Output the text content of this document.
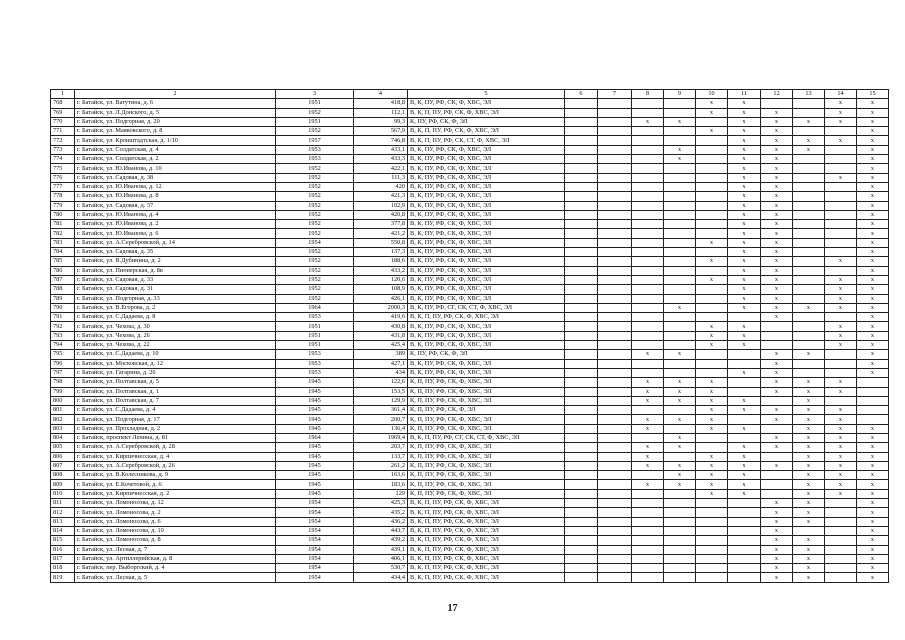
1	2	3	4	5	6	7	8	9	10	11	12	13	14	15
768	г. Батайск, ул. Ватутина, д. 6	1951	418,8	В, К, ПУ, РФ, СК, Ф, ХВС, ЭЛ					х	х			х	х
769	г. Батайск, ул. Л.Донского, д. 5	1952	112,1	В, К, П, ПУ, РФ, СК, Ф, ХВС, ЭЛ					х	х	х		х	х
770	г. Батайск, ул. Подгорная, д. 20	1951	99,3	К, ПУ, РФ, СК, Ф, ЭЛ			х	х		х	х	х	х	х
771	г. Батайск, ул. Маяковского, д. 8	1952	567,9	В, К, П, ПУ, РФ, СК, Ф, ХВС, ЭЛ					х	х	х			х
772	г. Батайск, ул. Кронштадтская, д. 1/10	1957	746,8	В, К, П, ПУ, РФ, СК, СТ, Ф, ХВС, ЭЛ						х	х	х	х	х
773	г. Батайск, ул. Солдатская, д. 4	1953	433,1	В, К, ПУ, РФ, СК, Ф, ХВС, ЭЛ				х		х	х	х		х
774	г. Батайск, ул. Солдатская, д. 2	1953	433,3	В, К, ПУ, РФ, СК, Ф, ХВС, ЭЛ				х		х	х			х
775	г. Батайск, ул. Ю.Иванова, д. 10	1952	422,1	В, К, ПУ, РФ, СК, Ф, ХВС, ЭЛ						х	х			х
776	г. Батайск, ул. Садовая, д. 38	1952	111,3	В, К, ПУ, РФ, СК, Ф, ХВС, ЭЛ						х	х		х	х
777	г. Батайск, ул. Ю.Иванова, д. 12	1952	420	В, К, ПУ, РФ, СК, Ф, ХВС, ЭЛ						х	х			х
778	г. Батайск, ул. Ю.Иванова, д. 8	1952	421,3	В, К, ПУ, РФ, СК, Ф, ХВС, ЭЛ						х	х			х
779	г. Батайск, ул. Садовая, д. 37	1952	102,9	В, К, ПУ, РФ, СК, Ф, ХВС, ЭЛ						х	х			х
780	г. Батайск, ул. Ю.Иванова, д. 4	1952	420,8	В, К, ПУ, РФ, СК, Ф, ХВС, ЭЛ						х	х			х
781	г. Батайск, ул. Ю.Иванова, д. 2	1952	377,8	В, К, ПУ, РФ, СК, Ф, ХВС, ЭЛ						х	х			х
782	г. Батайск, ул. Ю.Иванова, д. 6	1952	421,2	В, К, ПУ, РФ, СК, Ф, ХВС, ЭЛ						х	х			х
783	г. Батайск, ул. А.Серебровской, д. 14	1954	550,8	В, К, ПУ, РФ, СК, Ф, ХВС, ЭЛ					х	х	х			х
784	г. Батайск, ул. Садовая, д. 35	1952	137,3	В, К, ПУ, РФ, СК, Ф, ХВС, ЭЛ						х	х			х
785	г. Батайск, ул. В.Дубинина, д. 2	1952	188,6	В, К, ПУ, РФ, СК, Ф, ХВС, ЭЛ					х	х	х		х	х
786	г. Батайск, ул. Пионерская, д. 8в	1952	433,2	В, К, ПУ, РФ, СК, Ф, ХВС, ЭЛ						х	х			х
787	г. Батайск, ул. Садовая, д. 33	1952	120,6	В, К, ПУ, РФ, СК, Ф, ХВС, ЭЛ					х	х	х		х	х
788	г. Батайск, ул. Садовая, д. 31	1952	108,9	В, К, ПУ, РФ, СК, Ф, ХВС, ЭЛ						х	х		х	х
789	г. Батайск, ул. Подгорная, д. 33	1952	426,1	В, К, ПУ, РФ, СК, Ф, ХВС, ЭЛ						х	х		х	х
790	г. Батайск, ул. В.Егорова, д. 2	1964	2000,3	В, К, ПУ, РФ, СГ, СК, СТ, Ф, ХВС, ЭЛ				х		х	х	х	х	х
791	г. Батайск, ул. С.Дадаева, д. 8	1953	419,6	В, К, П, ПУ, РФ, СК, Ф, ХВС, ЭЛ							х			х
792	г. Батайск, ул. Чехова, д. 30	1951	430,8	В, К, ПУ, РФ, СК, Ф, ХВС, ЭЛ					х	х			х	х
793	г. Батайск, ул. Чехова, д. 26	1951	431,8	В, К, ПУ, РФ, СК, Ф, ХВС, ЭЛ					х	х			х	х
794	г. Батайск, ул. Чехова, д. 22	1951	425,4	В, К, ПУ, РФ, СК, Ф, ХВС, ЭЛ					х	х			х	х
795	г. Батайск, ул. С.Дадаева, д. 10	1953	389	К, ПУ, РФ, СК, Ф, ЭЛ			х	х			х	х		х
796	г. Батайск, ул. Московская, д. 12	1953	427,1	В, К, ПУ, РФ, СК, Ф, ХВС, ЭЛ							х			х
797	г. Батайск, ул. Гагарина, д. 26	1953	434	В, К, ПУ, РФ, СК, Ф, ХВС, ЭЛ						х	х			х
798	г. Батайск, ул. Полтавская, д. 5	1945	122,6	К, П, ПУ, РФ, СК, Ф, ХВС, ЭЛ			х	х	х		х	х	х	
799	г. Батайск, ул. Полтавская, д. 1	1945	153,5	К, П, ПУ, РФ, СК, Ф, ХВС, ЭЛ			х	х	х		х	х	х	
800	г. Батайск, ул. Полтавская, д. 7	1945	129,9	К, П, ПУ, РФ, СК, Ф, ХВС, ЭЛ			х	х	х	х		х		
801	г. Батайск, ул. С.Дадаева, д. 4	1945	361,4	К, П, ПУ, РФ, СК, Ф, ЭЛ					х	х	х	х	х	
802	г. Батайск, ул. Подгорная, д. 17	1945	200,7	К, П, ПУ, РФ, СК, Ф, ХВС, ЭЛ			х	х	х		х	х	х	
803	г. Батайск, ул. Прохладная, д. 2	1945	136,4	К, П, ПУ, РФ, СК, Ф, ХВС, ЭЛ			х		х	х		х	х	х
804	г. Батайск, проспект Ленина, д. 81	1964	1969,4	В, К, П, ПУ, РФ, СГ, СК, СТ, Ф, ХВС, ЭЛ				х			х	х	х	х
805	г. Батайск, ул. А.Серебровской, д. 28	1945	203,7	К, П, ПУ, РФ, СК, Ф, ХВС, ЭЛ			х	х		х	х	х	х	х
806	г. Батайск, ул. Кирпичнесская, д. 4	1945	133,7	К, П, ПУ, РФ, СК, Ф, ХВС, ЭЛ			х		х	х		х	х	х
807	г. Батайск, ул. А.Серебровской, д. 26	1945	261,2	К, П, ПУ, РФ, СК, Ф, ХВС, ЭЛ			х	х	х	х	х	х	х	х
808	г. Батайск, ул. В.Колесникова, д. 9	1945	163,6	К, П, ПУ, РФ, СК, Ф, ХВС, ЭЛ				х	х	х		х	х	х
809	г. Батайск, ул. Е.Кочетовой, д. 6	1945	183,6	К, П, ПУ, РФ, СК, Ф, ХВС, ЭЛ			х	х	х	х		х	х	х
810	г. Батайск, ул. Кирпичнесская, д. 2	1945	129	К, П, ПУ, РФ, СК, Ф, ХВС, ЭЛ					х	х		х	х	х
811	г. Батайск, ул. Ломоносова, д. 12	1954	425,3	В, К, П, ПУ, РФ, СК, Ф, ХВС, ЭЛ							х	х		х
812	г. Батайск, ул. Ломоносова, д. 2	1954	435,2	В, К, П, ПУ, РФ, СК, Ф, ХВС, ЭЛ							х	х		х
813	г. Батайск, ул. Ломоносова, д. 6	1954	436,2	В, К, П, ПУ, РФ, СК, Ф, ХВС, ЭЛ							х	х		х
814	г. Батайск, ул. Ломоносова, д. 10	1954	443,7	В, К, П, ПУ, РФ, СК, Ф, ХВС, ЭЛ							х			х
815	г. Батайск, ул. Ломоносова, д. 8	1954	439,2	В, К, П, ПУ, РФ, СК, Ф, ХВС, ЭЛ							х	х		х
816	г. Батайск, ул. Лесная, д. 7	1954	439,1	В, К, П, ПУ, РФ, СК, Ф, ХВС, ЭЛ							х	х		х
817	г. Батайск, ул. Артиллерийская, д. 8	1954	406,1	В, К, П, ПУ, РФ, СК, Ф, ХВС, ЭЛ							х	х		х
818	г. Батайск, пер. Выборгский, д. 4	1954	530,7	В, К, П, ПУ, РФ, СК, Ф, ХВС, ЭЛ							х	х		х
819	г. Батайск, ул. Лесная, д. 5	1954	434,4	В, К, П, ПУ, РФ, СК, Ф, ХВС, ЭЛ							х	х		х
17
